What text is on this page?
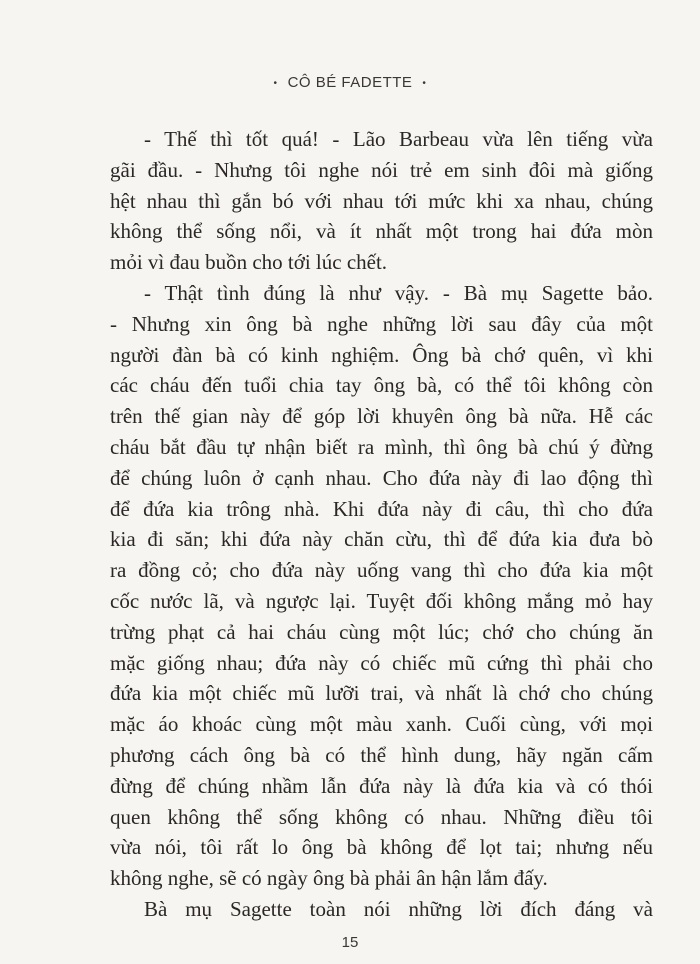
• CÔ BÉ FADETTE •
- Thế thì tốt quá! - Lão Barbeau vừa lên tiếng vừa
gãi đầu. - Nhưng tôi nghe nói trẻ em sinh đôi mà giống
hệt nhau thì gắn bó với nhau tới mức khi xa nhau, chúng
không thể sống nổi, và ít nhất một trong hai đứa mòn
mỏi vì đau buồn cho tới lúc chết.
- Thật tình đúng là như vậy. - Bà mụ Sagette bảo.
- Nhưng xin ông bà nghe những lời sau đây của một
người đàn bà có kinh nghiệm. Ông bà chớ quên, vì khi
các cháu đến tuổi chia tay ông bà, có thể tôi không còn
trên thế gian này để góp lời khuyên ông bà nữa. Hễ các
cháu bắt đầu tự nhận biết ra mình, thì ông bà chú ý đừng
để chúng luôn ở cạnh nhau. Cho đứa này đi lao động thì
để đứa kia trông nhà. Khi đứa này đi câu, thì cho đứa
kia đi săn; khi đứa này chăn cừu, thì để đứa kia đưa bò
ra đồng cỏ; cho đứa này uống vang thì cho đứa kia một
cốc nước lã, và ngược lại. Tuyệt đối không mắng mỏ hay
trừng phạt cả hai cháu cùng một lúc; chớ cho chúng ăn
mặc giống nhau; đứa này có chiếc mũ cứng thì phải cho
đứa kia một chiếc mũ lưỡi trai, và nhất là chớ cho chúng
mặc áo khoác cùng một màu xanh. Cuối cùng, với mọi
phương cách ông bà có thể hình dung, hãy ngăn cấm
đừng để chúng nhầm lẫn đứa này là đứa kia và có thói
quen không thể sống không có nhau. Những điều tôi
vừa nói, tôi rất lo ông bà không để lọt tai; nhưng nếu
không nghe, sẽ có ngày ông bà phải ân hận lắm đấy.
Bà mụ Sagette toàn nói những lời đích đáng và
15
